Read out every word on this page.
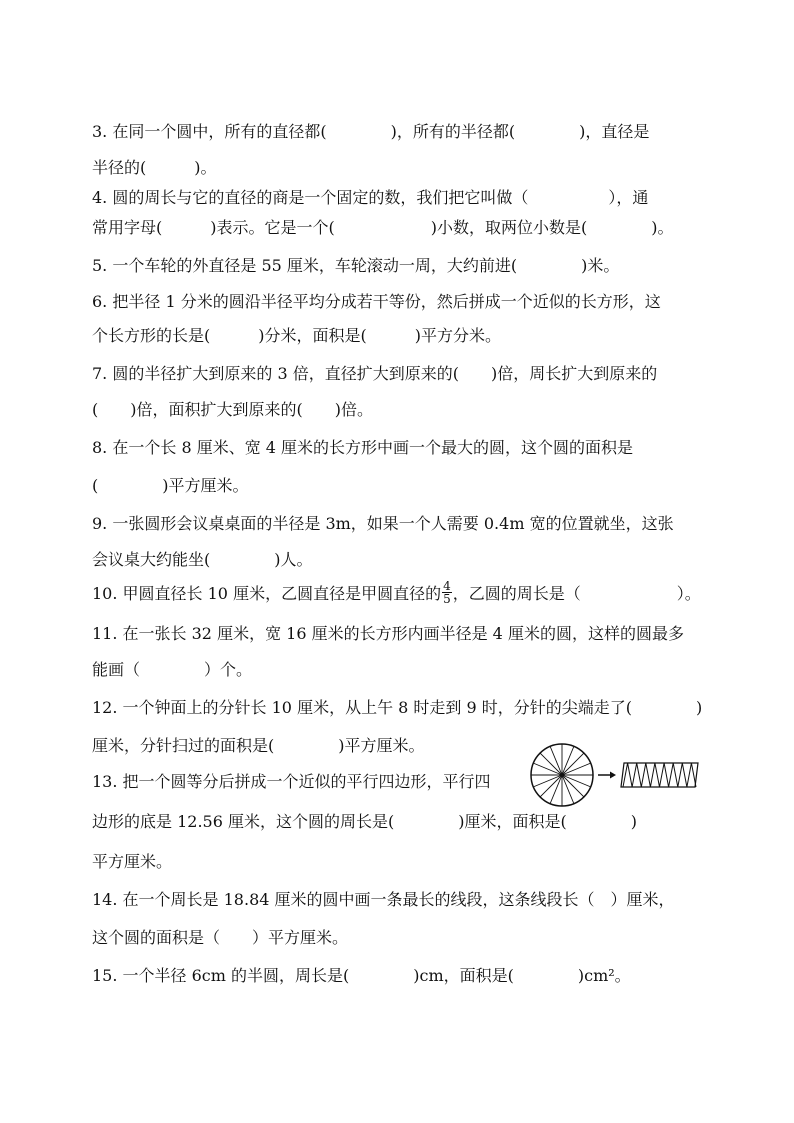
3. 在同一个圆中，所有的直径都(　　　　)，所有的半径都(　　　　)，直径是
半径的(　　　)。
4. 圆的周长与它的直径的商是一个固定的数，我们把它叫做（　　　　　），通
常用字母(　　　)表示。它是一个(　　　　　　)小数，取两位小数是(　　　　)。
5. 一个车轮的外直径是 55 厘米，车轮滚动一周，大约前进(　　　　)米。
6. 把半径 1 分米的圆沿半径平均分成若干等份，然后拼成一个近似的长方形，这
个长方形的长是(　　　)分米，面积是(　　　)平方分米。
7. 圆的半径扩大到原来的 3 倍，直径扩大到原来的(　　)倍，周长扩大到原来的
(　　)倍，面积扩大到原来的(　　)倍。
8. 在一个长 8 厘米、宽 4 厘米的长方形中画一个最大的圆，这个圆的面积是
(　　　　)平方厘米。
9. 一张圆形会议桌桌面的半径是 3m，如果一个人需要 0.4m 宽的位置就坐，这张
会议桌大约能坐(　　　　)人。
10. 甲圆直径长 10 厘米，乙圆直径是甲圆直径的 $\frac{4}{5}$ ，乙圆的周长是（　　　　　　）。
11. 在一张长 32 厘米，宽 16 厘米的长方形内画半径是 4 厘米的圆，这样的圆最多
能画（　　　　）个。
12. 一个钟面上的分针长 10 厘米，从上午 8 时走到 9 时，分针的尖端走了(　　　　)
厘米，分针扫过的面积是(　　　　)平方厘米。
13. 把一个圆等分后拼成一个近似的平行四边形，平行四
边形的底是 12.56 厘米，这个圆的周长是(　　　　)厘米，面积是(　　　　)
平方厘米。
14. 在一个周长是 18.84 厘米的圆中画一条最长的线段，这条线段长（　）厘米，
这个圆的面积是（　　）平方厘米。
15. 一个半径 6cm 的半圆，周长是(　　　　)cm，面积是(　　　　)cm²。
